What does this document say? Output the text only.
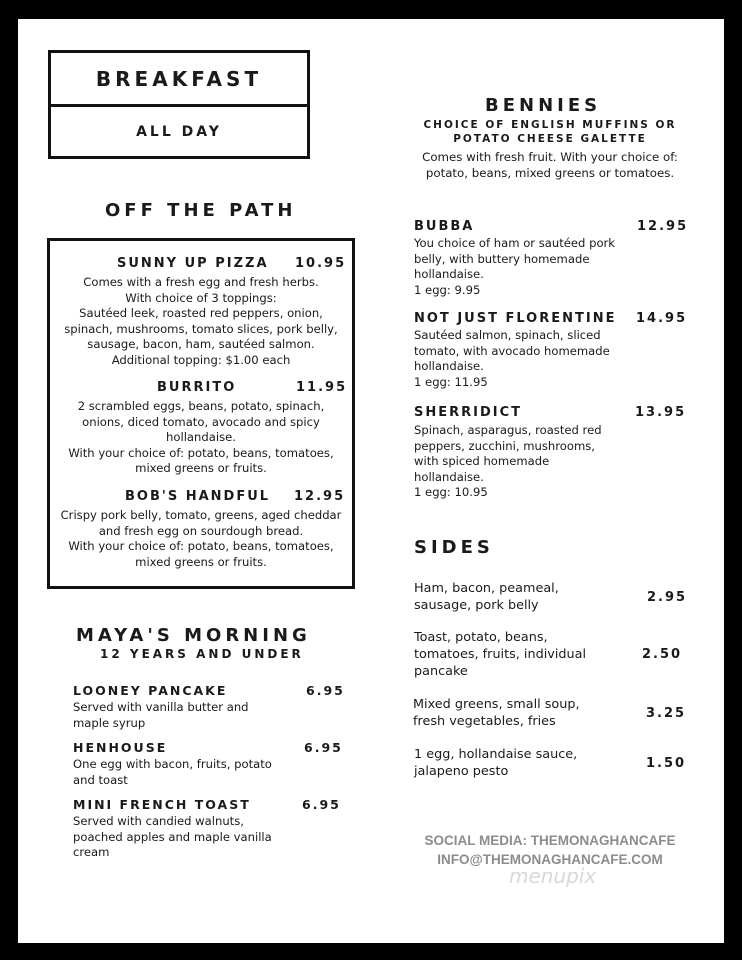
BREAKFAST
ALL DAY
OFF THE PATH
SUNNY UP PIZZA 10.95
Comes with a fresh egg and fresh herbs.
With choice of 3 toppings:
Sautéed leek, roasted red peppers, onion,
spinach, mushrooms, tomato slices, pork belly,
sausage, bacon, ham, sautéed salmon.
Additional topping: $1.00 each
BURRITO	11.95
2 scrambled eggs, beans, potato, spinach,
onions, diced tomato, avocado and spicy
hollandaise.
With your choice of: potato, beans, tomatoes,
mixed greens or fruits.
BOB'S HANDFUL 12.95
Crispy pork belly, tomato, greens, aged cheddar
and fresh egg on sourdough bread.
With your choice of: potato, beans, tomatoes,
mixed greens or fruits.
MAYA'S MORNING
12 YEARS AND UNDER
LOONEY PANCAKE	6.95
Served with vanilla butter and
maple syrup
HENHOUSE	6.95
One egg with bacon, fruits, potato
and toast
MINI FRENCH TOAST	6.95
Served with candied walnuts,
poached apples and maple vanilla
cream
BENNIES
CHOICE OF ENGLISH MUFFINS OR
POTATO CHEESE GALETTE
Comes with fresh fruit. With your choice of:
potato, beans, mixed greens or tomatoes.
BUBBA	12.95
You choice of ham or sautéed pork
belly, with buttery homemade
hollandaise.
1 egg: 9.95
NOT JUST FLORENTINE 14.95
Sautéed salmon, spinach, sliced
tomato, with avocado homemade
hollandaise.
1 egg: 11.95
SHERRIDICT	13.95
Spinach, asparagus, roasted red
peppers, zucchini, mushrooms,
with spiced homemade
hollandaise.
1 egg: 10.95
SIDES
Ham, bacon, peameal,
sausage, pork belly
2.95
Toast, potato, beans,
tomatoes, fruits, individual
pancake
2.50
Mixed greens, small soup,
fresh vegetables, fries
3.25
1 egg, hollandaise sauce,
jalapeno pesto
1.50
SOCIAL MEDIA: THEMONAGHANCAFE
INFO@THEMONAGHANCAFE.COM
menupix
